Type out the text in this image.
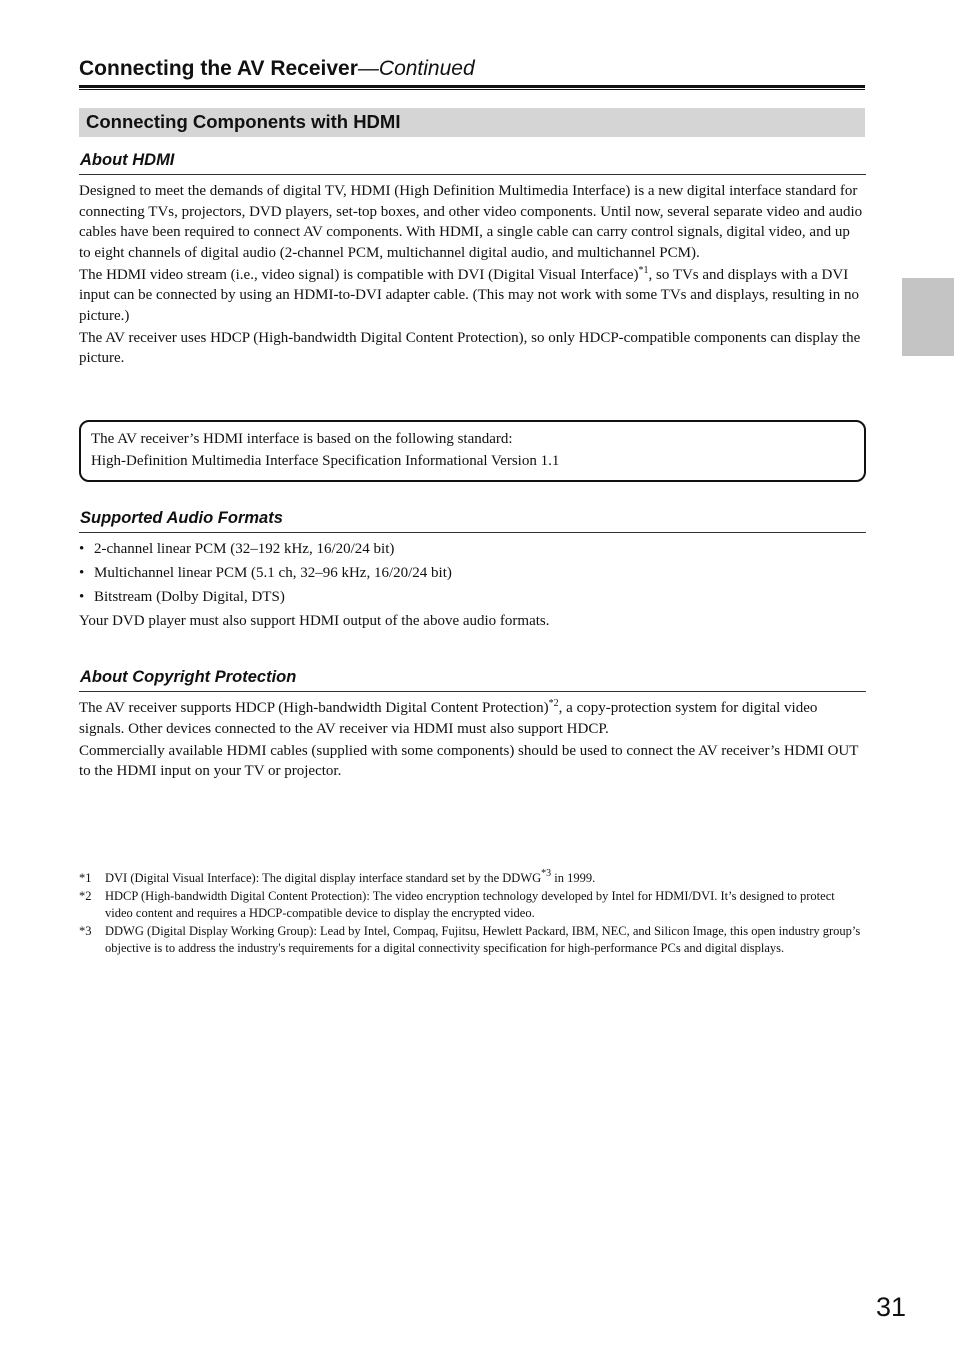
Connecting the AV Receiver—Continued
Connecting Components with HDMI
About HDMI

Designed to meet the demands of digital TV, HDMI (High Definition Multimedia Interface) is a new digital interface standard for connecting TVs, projectors, DVD players, set-top boxes, and other video components. Until now, several separate video and audio cables have been required to connect AV components. With HDMI, a single cable can carry control signals, digital video, and up to eight channels of digital audio (2-channel PCM, multichannel digital audio, and multichannel PCM).

The HDMI video stream (i.e., video signal) is compatible with DVI (Digital Visual Interface)$^{*1}$, so TVs and displays with a DVI input can be connected by using an HDMI-to-DVI adapter cable. (This may not work with some TVs and displays, resulting in no picture.)

The AV receiver uses HDCP (High-bandwidth Digital Content Protection), so only HDCP-compatible components can display the picture.

The AV receiver’s HDMI interface is based on the following standard:
High-Definition Multimedia Interface Specification Informational Version 1.1
Supported Audio Formats
• 2-channel linear PCM (32–192 kHz, 16/20/24 bit)
• Multichannel linear PCM (5.1 ch, 32–96 kHz, 16/20/24 bit)
• Bitstream (Dolby Digital, DTS)

Your DVD player must also support HDMI output of the above audio formats.

About Copyright Protection

The AV receiver supports HDCP (High-bandwidth Digital Content Protection)$^{*2}$, a copy-protection system for digital video signals. Other devices connected to the AV receiver via HDMI must also support HDCP.

Commercially available HDMI cables (supplied with some components) should be used to connect the AV receiver’s HDMI OUT to the HDMI input on your TV or projector.

*1	DVI (Digital Visual Interface): The digital display interface standard set by the DDWG$^{*3}$ in 1999.
*2	HDCP (High-bandwidth Digital Content Protection): The video encryption technology developed by Intel for HDMI/DVI. It’s designed to protect video content and requires a HDCP-compatible device to display the encrypted video.
*3	DDWG (Digital Display Working Group): Lead by Intel, Compaq, Fujitsu, Hewlett Packard, IBM, NEC, and Silicon Image, this open industry group’s objective is to address the industry's requirements for a digital connectivity specification for high-performance PCs and digital displays.
31
